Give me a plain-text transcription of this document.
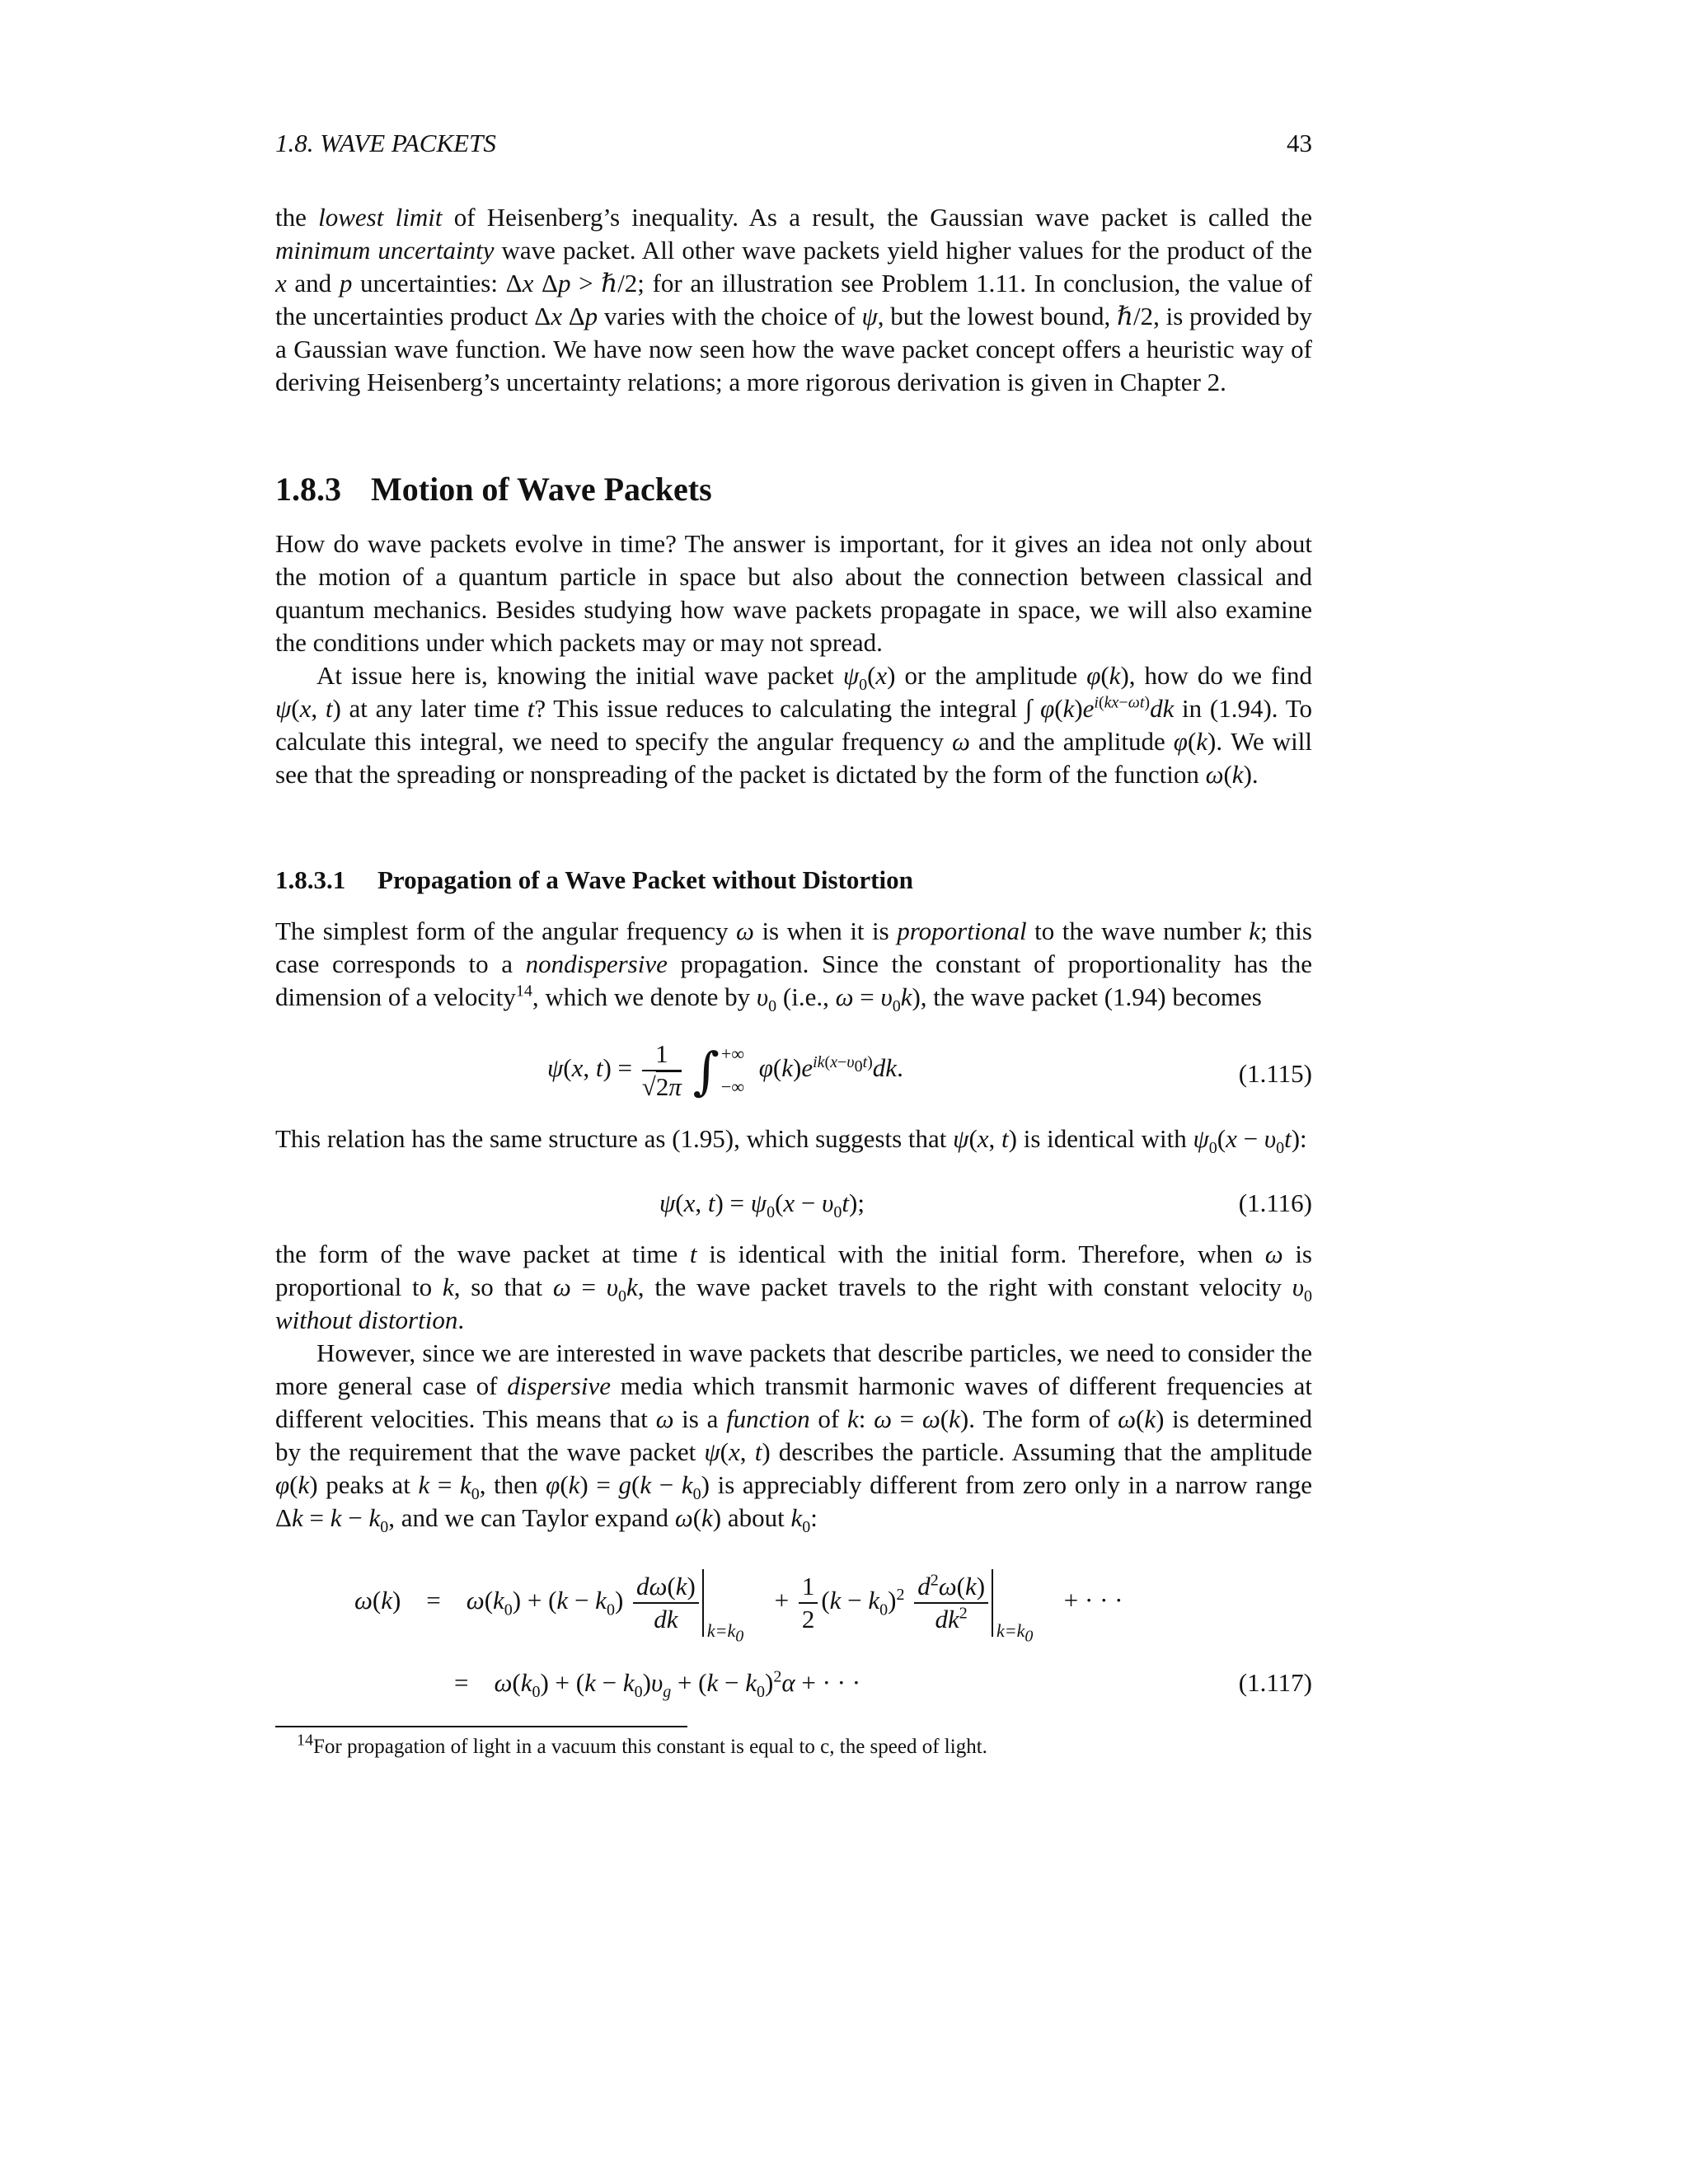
1.8. WAVE PACKETS	43

the lowest limit of Heisenberg’s inequality. As a result, the Gaussian wave packet is called the minimum uncertainty wave packet. All other wave packets yield higher values for the product of the x and p uncertainties: Δx Δp > ℏ/2; for an illustration see Problem 1.11. In conclusion, the value of the uncertainties product Δx Δp varies with the choice of ψ, but the lowest bound, ℏ/2, is provided by a Gaussian wave function. We have now seen how the wave packet concept offers a heuristic way of deriving Heisenberg’s uncertainty relations; a more rigorous derivation is given in Chapter 2.

1.8.3 Motion of Wave Packets

How do wave packets evolve in time? The answer is important, for it gives an idea not only about the motion of a quantum particle in space but also about the connection between classical and quantum mechanics. Besides studying how wave packets propagate in space, we will also examine the conditions under which packets may or may not spread.

At issue here is, knowing the initial wave packet $\psi_0(x)$ or the amplitude φ(k), how do we find ψ(x, t) at any later time t? This issue reduces to calculating the integral ∫ $\varphi(k)e^{i(kx-\omega t)}dk$ in (1.94). To calculate this integral, we need to specify the angular frequency ω and the amplitude φ(k). We will see that the spreading or nonspreading of the packet is dictated by the form of the function ω(k).

1.8.3.1 Propagation of a Wave Packet without Distortion

The simplest form of the angular frequency ω is when it is proportional to the wave number k; this case corresponds to a nondispersive propagation. Since the constant of proportionality has the dimension of a velocity$^{14}$, which we denote by $\upsilon_0$ (i.e., $\omega = \upsilon_0k$), the wave packet (1.94) becomes

ψ(x, $t) = \frac{1}{√2\pi}$ ∫ +∞
−∞
$\varphi(k)e^{ik(x-\upsilon_0t)}dk$.	(1.115)

This relation has the same structure as (1.95), which suggests that ψ(x, t) is identical with $\psi_0(x - \upsilon_0t)$:

ψ(x, $t) = \psi_0(x - \upsilon_0t)$;	(1.116)

the form of the wave packet at time t is identical with the initial form. Therefore, when ω is proportional to k, so that $\omega = \upsilon_0k$, the wave packet travels to the right with constant velocity $\upsilon_0$ without distortion.

However, since we are interested in wave packets that describe particles, we need to consider the more general case of dispersive media which transmit harmonic waves of different frequencies at different velocities. This means that ω is a function of k: ω = ω(k). The form of ω(k) is determined by the requirement that the wave packet ψ(x, t) describes the particle. Assuming that the amplitude φ(k) peaks at $k = k_0$, then $\varphi(k) = g(k - k_0)$ is appreciably different from zero only in a narrow range $\Delta k = k - k_0$, and we can Taylor expand ω(k) about $k_0$:

ω(k)    =    $\omega(k_0) + (k - k_0) \frac{d\omega(k)}{dk} k=k_0$
+ $\frac{1}{2} (k - k_0)^2 \frac{d^2\omega(k)}{dk^2} k=k_0$
+ · · ·
=    $\omega(k_0) + (k - k_0)\upsilon_g + (k - k_0)^2\alpha$ + · · ·	(1.117)
$^{14}$For propagation of light in a vacuum this constant is equal to c, the speed of light.
